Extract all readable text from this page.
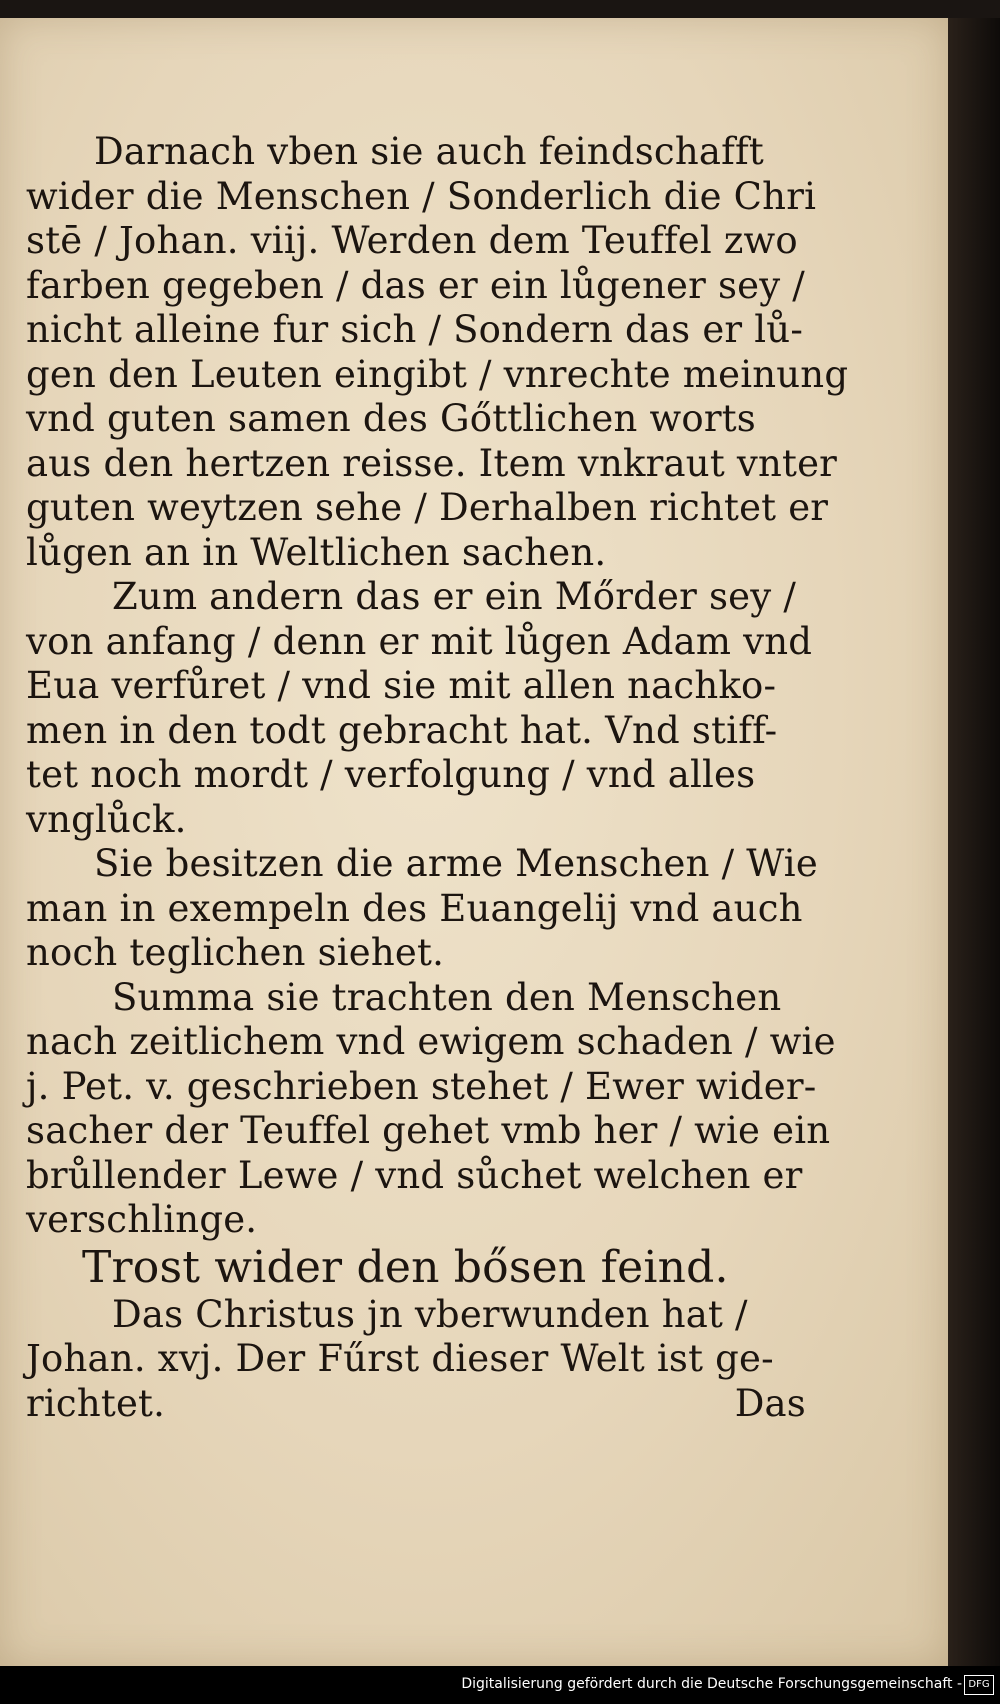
Darnach vben sie auch feindschafft
wider die Menschen / Sonderlich die Chri
stē / Johan. viij. Werden dem Teuffel zwo
farben gegeben / das er ein lůgener sey /
nicht alleine fur sich / Sondern das er lů-
gen den Leuten eingibt / vnrechte meinung
vnd guten samen des Gőttlichen worts
aus den hertzen reisse. Item vnkraut vnter
guten weytzen sehe / Derhalben richtet er
lůgen an in Weltlichen sachen.
Zum andern das er ein Mőrder sey /
von anfang / denn er mit lůgen Adam vnd
Eua verfůret / vnd sie mit allen nachko-
men in den todt gebracht hat. Vnd stiff-
tet noch mordt / verfolgung / vnd alles
vnglůck.
Sie besitzen die arme Menschen / Wie
man in exempeln des Euangelij vnd auch
noch teglichen siehet.
Summa sie trachten den Menschen
nach zeitlichem vnd ewigem schaden / wie
j. Pet. v. geschrieben stehet / Ewer wider-
sacher der Teuffel gehet vmb her / wie ein
brůllender Lewe / vnd sůchet welchen er
verschlinge.
Trost wider den bősen feind.
Das Christus jn vberwunden hat /
Johan. xvj. Der Fűrst dieser Welt ist ge-
richtet.	Das
Digitalisierung gefördert durch die Deutsche Forschungsgemeinschaft - DFG
